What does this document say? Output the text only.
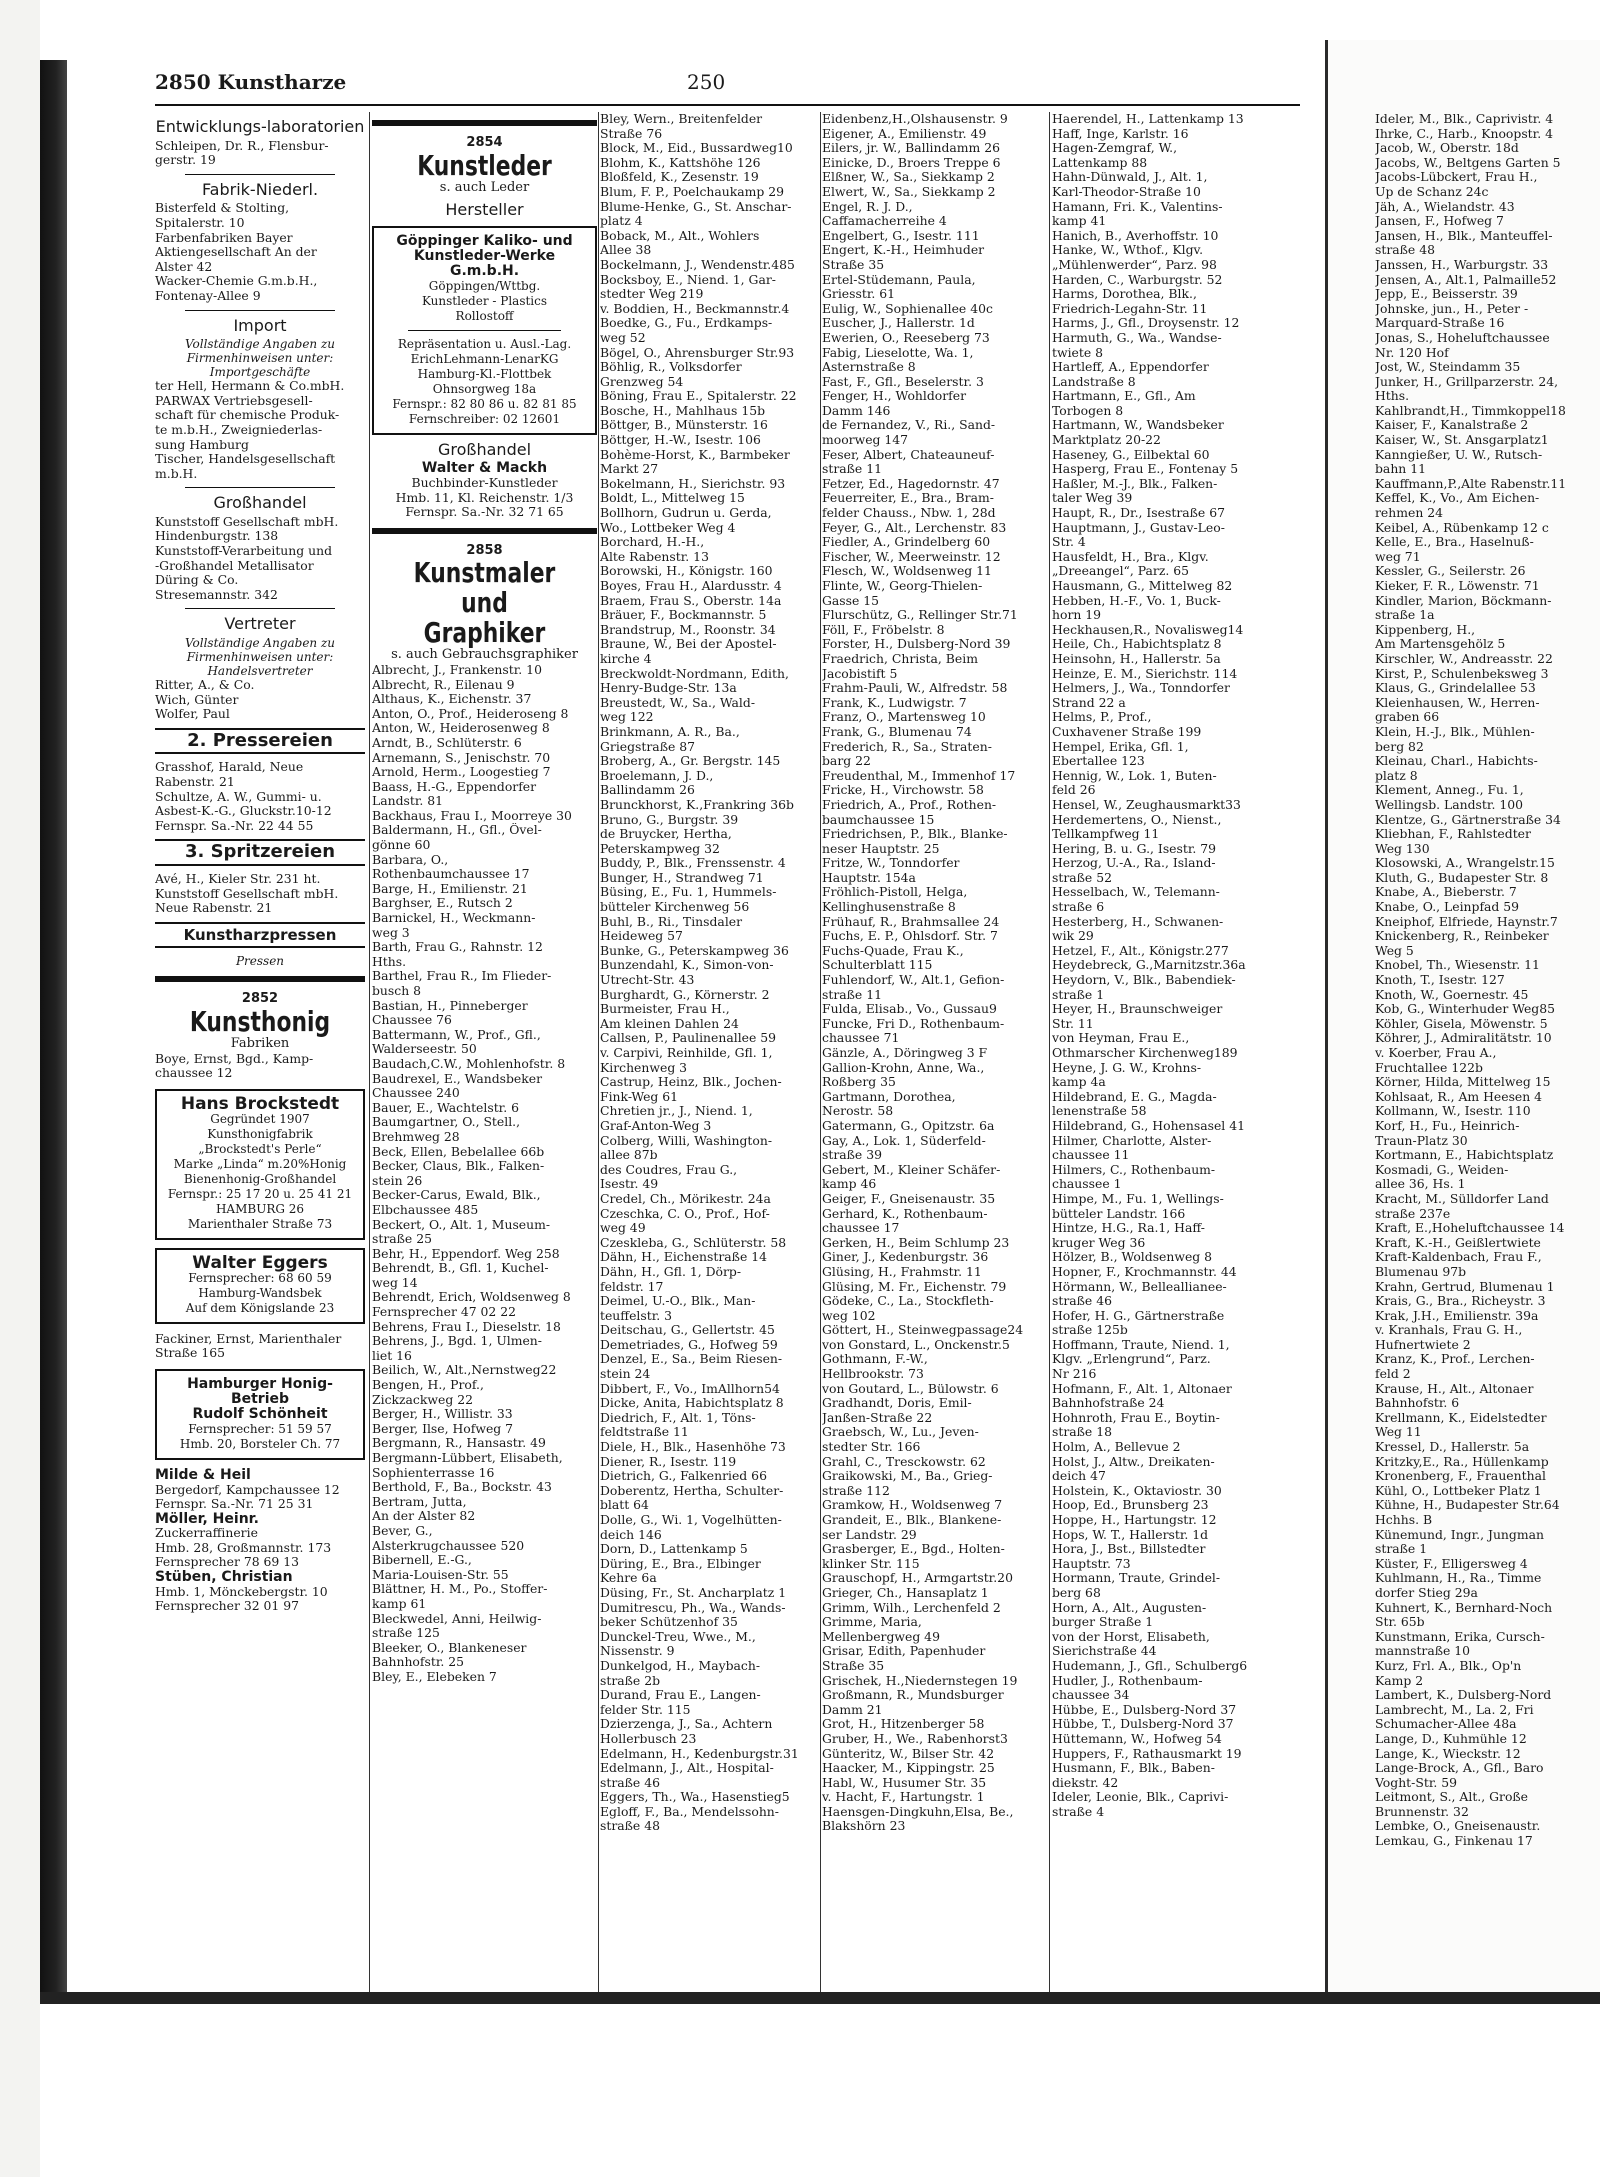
2850 Kunstharze	250
Entwicklungs-laboratorien
Schleipen, Dr. R., Flensbur-
gerstr. 19
Fabrik-Niederl.
Bisterfeld & Stolting,
Spitalerstr. 10
Farbenfabriken Bayer
Aktiengesellschaft An der
Alster 42
Wacker-Chemie G.m.b.H.,
Fontenay-Allee 9
Import
Vollständige Angaben zu Firmenhinweisen unter: Importgeschäfte
ter Hell, Hermann & Co.mbH.
PARWAX Vertriebsgesell-
schaft für chemische Produk-
te m.b.H., Zweigniederlas-
sung Hamburg
Tischer, Handelsgesellschaft
m.b.H.
Großhandel
Kunststoff Gesellschaft mbH.
Hindenburgstr. 138
Kunststoff-Verarbeitung und
-Großhandel Metallisator
Düring & Co.
Stresemannstr. 342
Vertreter
Vollständige Angaben zu Firmenhinweisen unter: Handelsvertreter
Ritter, A., & Co.
Wich, Günter
Wolfer, Paul
2. Pressereien
Grasshof, Harald, Neue
Rabenstr. 21
Schultze, A. W., Gummi- u.
Asbest-K.-G., Gluckstr.10-12
Fernspr. Sa.-Nr. 22 44 55
3. Spritzereien
Avé, H., Kieler Str. 231 ht.
Kunststoff Gesellschaft mbH.
Neue Rabenstr. 21
Kunstharzpressen
Pressen
2852
Kunsthonig
Fabriken
Boye, Ernst, Bgd., Kamp-
chaussee 12
Hans Brockstedt
Gegründet 1907
Kunsthonigfabrik
„Brockstedt's Perle“
Marke „Linda“ m.20%Honig
Bienenhonig-Großhandel
Fernspr.: 25 17 20 u. 25 41 21
HAMBURG 26
Marienthaler Straße 73
Walter Eggers
Fernsprecher: 68 60 59
Hamburg-Wandsbek
Auf dem Königslande 23
Fackiner, Ernst, Marienthaler
Straße 165
Hamburger Honig-Betrieb
Rudolf Schönheit
Fernsprecher: 51 59 57
Hmb. 20, Borsteler Ch. 77
Milde & Heil
Bergedorf, Kampchaussee 12
Fernspr. Sa.-Nr. 71 25 31
Möller, Heinr.
Zuckerraffinerie
Hmb. 28, Großmannstr. 173
Fernsprecher 78 69 13
Stüben, Christian
Hmb. 1, Mönckebergstr. 10
Fernsprecher 32 01 97
2854
Kunstleder
s. auch Leder
Hersteller
Göppinger Kaliko- und Kunstleder-Werke G.m.b.H.
Göppingen/Wttbg.
Kunstleder - Plastics
Rollostoff
Repräsentation u. Ausl.-Lag.
ErichLehmann-LenarKG
Hamburg-Kl.-Flottbek
Ohnsorgweg 18a
Fernspr.: 82 80 86 u. 82 81 85
Fernschreiber: 02 12601
Großhandel
Walter & Mackh
Buchbinder-Kunstleder
Hmb. 11, Kl. Reichenstr. 1/3
Fernspr. Sa.-Nr. 32 71 65
2858
Kunstmaler und Graphiker
s. auch Gebrauchsgraphiker
Albrecht, J., Frankenstr. 10
Albrecht, R., Eilenau 9
Althaus, K., Eichenstr. 37
Anton, O., Prof., Heideroseng 8
Anton, W., Heiderosenweg 8
Arndt, B., Schlüterstr. 6
Arnemann, S., Jenischstr. 70
Arnold, Herm., Loogestieg 7
Baass, H.-G., Eppendorfer
Landstr. 81
Backhaus, Frau I., Moorreye 30
Baldermann, H., Gfl., Övel-
gönne 60
Barbara, O.,
Rothenbaumchaussee 17
Barge, H., Emilienstr. 21
Barghser, E., Rutsch 2
Barnickel, H., Weckmann-
weg 3
Barth, Frau G., Rahnstr. 12
Hths.
Barthel, Frau R., Im Flieder-
busch 8
Bastian, H., Pinneberger
Chaussee 76
Battermann, W., Prof., Gfl.,
Walderseestr. 50
Baudach,C.W., Mohlenhofstr. 8
Baudrexel, E., Wandsbeker
Chaussee 240
Bauer, E., Wachtelstr. 6
Baumgartner, O., Stell.,
Brehmweg 28
Beck, Ellen, Bebelallee 66b
Becker, Claus, Blk., Falken-
stein 26
Becker-Carus, Ewald, Blk.,
Elbchaussee 485
Beckert, O., Alt. 1, Museum-
straße 25
Behr, H., Eppendorf. Weg 258
Behrendt, B., Gfl. 1, Kuchel-
weg 14
Behrendt, Erich, Woldsenweg 8
Fernsprecher 47 02 22
Behrens, Frau I., Dieselstr. 18
Behrens, J., Bgd. 1, Ulmen-
liet 16
Beilich, W., Alt.,Nernstweg22
Bengen, H., Prof.,
Zickzackweg 22
Berger, H., Willistr. 33
Berger, Ilse, Hofweg 7
Bergmann, R., Hansastr. 49
Bergmann-Lübbert, Elisabeth,
Sophienterrasse 16
Berthold, F., Ba., Bockstr. 43
Bertram, Jutta,
An der Alster 82
Bever, G.,
Alsterkrugchaussee 520
Bibernell, E.-G.,
Maria-Louisen-Str. 55
Blättner, H. M., Po., Stoffer-
kamp 61
Bleckwedel, Anni, Heilwig-
straße 125
Bleeker, O., Blankeneser
Bahnhofstr. 25
Bley, E., Elebeken 7
Bley, Wern., Breitenfelder
Straße 76
Block, M., Eid., Bussardweg10
Blohm, K., Kattshöhe 126
Bloßfeld, K., Zesenstr. 19
Blum, F. P., Poelchaukamp 29
Blume-Henke, G., St. Anschar-
platz 4
Boback, M., Alt., Wohlers
Allee 38
Bockelmann, J., Wendenstr.485
Bocksboy, E., Niend. 1, Gar-
stedter Weg 219
v. Boddien, H., Beckmannstr.4
Boedke, G., Fu., Erdkamps-
weg 52
Bögel, O., Ahrensburger Str.93
Böhlig, R., Volksdorfer
Grenzweg 54
Böning, Frau E., Spitalerstr. 22
Bosche, H., Mahlhaus 15b
Böttger, B., Münsterstr. 16
Böttger, H.-W., Isestr. 106
Bohème-Horst, K., Barmbeker
Markt 27
Bokelmann, H., Sierichstr. 93
Boldt, L., Mittelweg 15
Bollhorn, Gudrun u. Gerda,
Wo., Lottbeker Weg 4
Borchard, H.-H.,
Alte Rabenstr. 13
Borowski, H., Königstr. 160
Boyes, Frau H., Alardusstr. 4
Braem, Frau S., Oberstr. 14a
Bräuer, F., Bockmannstr. 5
Brandstrup, M., Roonstr. 34
Braune, W., Bei der Apostel-
kirche 4
Breckwoldt-Nordmann, Edith,
Henry-Budge-Str. 13a
Breustedt, W., Sa., Wald-
weg 122
Brinkmann, A. R., Ba.,
Griegstraße 87
Broberg, A., Gr. Bergstr. 145
Broelemann, J. D.,
Ballindamm 26
Brunckhorst, K.,Frankring 36b
Bruno, G., Burgstr. 39
de Bruycker, Hertha,
Peterskampweg 32
Buddy, P., Blk., Frenssenstr. 4
Bunger, H., Strandweg 71
Büsing, E., Fu. 1, Hummels-
bütteler Kirchenweg 56
Buhl, B., Ri., Tinsdaler
Heideweg 57
Bunke, G., Peterskampweg 36
Bunzendahl, K., Simon-von-
Utrecht-Str. 43
Burghardt, G., Körnerstr. 2
Burmeister, Frau H.,
Am kleinen Dahlen 24
Callsen, P., Paulinenallee 59
v. Carpivi, Reinhilde, Gfl. 1,
Kirchenweg 3
Castrup, Heinz, Blk., Jochen-
Fink-Weg 61
Chretien jr., J., Niend. 1,
Graf-Anton-Weg 3
Colberg, Willi, Washington-
allee 87b
des Coudres, Frau G.,
Isestr. 49
Credel, Ch., Mörikestr. 24a
Czeschka, C. O., Prof., Hof-
weg 49
Czeskleba, G., Schlüterstr. 58
Dähn, H., Eichenstraße 14
Dähn, H., Gfl. 1, Dörp-
feldstr. 17
Deimel, U.-O., Blk., Man-
teuffelstr. 3
Deitschau, G., Gellertstr. 45
Demetriades, G., Hofweg 59
Denzel, E., Sa., Beim Riesen-
stein 24
Dibbert, F., Vo., ImAllhorn54
Dicke, Anita, Habichtsplatz 8
Diedrich, F., Alt. 1, Töns-
feldtstraße 11
Diele, H., Blk., Hasenhöhe 73
Diener, R., Isestr. 119
Dietrich, G., Falkenried 66
Doberentz, Hertha, Schulter-
blatt 64
Dolle, G., Wi. 1, Vogelhütten-
deich 146
Dorn, D., Lattenkamp 5
Düring, E., Bra., Elbinger
Kehre 6a
Düsing, Fr., St. Ancharplatz 1
Dumitrescu, Ph., Wa., Wands-
beker Schützenhof 35
Dunckel-Treu, Wwe., M.,
Nissenstr. 9
Dunkelgod, H., Maybach-
straße 2b
Durand, Frau E., Langen-
felder Str. 115
Dzierzenga, J., Sa., Achtern
Hollerbusch 23
Edelmann, H., Kedenburgstr.31
Edelmann, J., Alt., Hospital-
straße 46
Eggers, Th., Wa., Hasenstieg5
Egloff, F., Ba., Mendelssohn-
straße 48
Eidenbenz,H.,Olshausenstr. 9
Eigener, A., Emilienstr. 49
Eilers, jr. W., Ballindamm 26
Einicke, D., Broers Treppe 6
Elßner, W., Sa., Siekkamp 2
Elwert, W., Sa., Siekkamp 2
Engel, R. J. D.,
Caffamacherreihe 4
Engelbert, G., Isestr. 111
Engert, K.-H., Heimhuder
Straße 35
Ertel-Stüdemann, Paula,
Griesstr. 61
Eulig, W., Sophienallee 40c
Euscher, J., Hallerstr. 1d
Ewerien, O., Reeseberg 73
Fabig, Lieselotte, Wa. 1,
Asternstraße 8
Fast, F., Gfl., Beselerstr. 3
Fenger, H., Wohldorfer
Damm 146
de Fernandez, V., Ri., Sand-
moorweg 147
Feser, Albert, Chateauneuf-
straße 11
Fetzer, Ed., Hagedornstr. 47
Feuerreiter, E., Bra., Bram-
felder Chauss., Nbw. 1, 28d
Feyer, G., Alt., Lerchenstr. 83
Fiedler, A., Grindelberg 60
Fischer, W., Meerweinstr. 12
Flesch, W., Woldsenweg 11
Flinte, W., Georg-Thielen-
Gasse 15
Flurschütz, G., Rellinger Str.71
Föll, F., Fröbelstr. 8
Forster, H., Dulsberg-Nord 39
Fraedrich, Christa, Beim
Jacobistift 5
Frahm-Pauli, W., Alfredstr. 58
Frank, K., Ludwigstr. 7
Franz, O., Martensweg 10
Frank, G., Blumenau 74
Frederich, R., Sa., Straten-
barg 22
Freudenthal, M., Immenhof 17
Fricke, H., Virchowstr. 58
Friedrich, A., Prof., Rothen-
baumchaussee 15
Friedrichsen, P., Blk., Blanke-
neser Hauptstr. 25
Fritze, W., Tonndorfer
Hauptstr. 154a
Fröhlich-Pistoll, Helga,
Kellinghusenstraße 8
Frühauf, R., Brahmsallee 24
Fuchs, E. P., Ohlsdorf. Str. 7
Fuchs-Quade, Frau K.,
Schulterblatt 115
Fuhlendorf, W., Alt.1, Gefion-
straße 11
Fulda, Elisab., Vo., Gussau9
Funcke, Fri D., Rothenbaum-
chaussee 71
Gänzle, A., Döringweg 3 F
Gallion-Krohn, Anne, Wa.,
Roßberg 35
Gartmann, Dorothea,
Nerostr. 58
Gatermann, G., Opitzstr. 6a
Gay, A., Lok. 1, Süderfeld-
straße 39
Gebert, M., Kleiner Schäfer-
kamp 46
Geiger, F., Gneisenaustr. 35
Gerhard, K., Rothenbaum-
chaussee 17
Gerken, H., Beim Schlump 23
Giner, J., Kedenburgstr. 36
Glüsing, H., Frahmstr. 11
Glüsing, M. Fr., Eichenstr. 79
Gödeke, C., La., Stockfleth-
weg 102
Göttert, H., Steinwegpassage24
von Gonstard, L., Onckenstr.5
Gothmann, F.-W.,
Hellbrookstr. 73
von Goutard, L., Bülowstr. 6
Gradhandt, Doris, Emil-
Janßen-Straße 22
Graebsch, W., Lu., Jeven-
stedter Str. 166
Grahl, C., Tresckowstr. 62
Graikowski, M., Ba., Grieg-
straße 112
Gramkow, H., Woldsenweg 7
Grandeit, E., Blk., Blankene-
ser Landstr. 29
Grasberger, E., Bgd., Holten-
klinker Str. 115
Grauschopf, H., Armgartstr.20
Grieger, Ch., Hansaplatz 1
Grimm, Wilh., Lerchenfeld 2
Grimme, Maria,
Mellenbergweg 49
Grisar, Edith, Papenhuder
Straße 35
Grischek, H.,Niedernstegen 19
Großmann, R., Mundsburger
Damm 21
Grot, H., Hitzenberger 58
Gruber, H., We., Rabenhorst3
Günteritz, W., Bilser Str. 42
Haacker, M., Kippingstr. 25
Habl, W., Husumer Str. 35
v. Hacht, F., Hartungstr. 1
Haensgen-Dingkuhn,Elsa, Be.,
Blakshörn 23
Haerendel, H., Lattenkamp 13
Haff, Inge, Karlstr. 16
Hagen-Zemgraf, W.,
Lattenkamp 88
Hahn-Dünwald, J., Alt. 1,
Karl-Theodor-Straße 10
Hamann, Fri. K., Valentins-
kamp 41
Hanich, B., Averhoffstr. 10
Hanke, W., Wthof., Klgv.
„Mühlenwerder“, Parz. 98
Harden, C., Warburgstr. 52
Harms, Dorothea, Blk.,
Friedrich-Legahn-Str. 11
Harms, J., Gfl., Droysenstr. 12
Harmuth, G., Wa., Wandse-
twiete 8
Hartleff, A., Eppendorfer
Landstraße 8
Hartmann, E., Gfl., Am
Torbogen 8
Hartmann, W., Wandsbeker
Marktplatz 20-22
Haseney, G., Eilbektal 60
Hasperg, Frau E., Fontenay 5
Haßler, M.-J., Blk., Falken-
taler Weg 39
Haupt, R., Dr., Isestraße 67
Hauptmann, J., Gustav-Leo-
Str. 4
Hausfeldt, H., Bra., Klgv.
„Dreeangel“, Parz. 65
Hausmann, G., Mittelweg 82
Hebben, H.-F., Vo. 1, Buck-
horn 19
Heckhausen,R., Novalisweg14
Heile, Ch., Habichtsplatz 8
Heinsohn, H., Hallerstr. 5a
Heinze, E. M., Sierichstr. 114
Helmers, J., Wa., Tonndorfer
Strand 22 a
Helms, P., Prof.,
Cuxhavener Straße 199
Hempel, Erika, Gfl. 1,
Ebertallee 123
Hennig, W., Lok. 1, Buten-
feld 26
Hensel, W., Zeughausmarkt33
Herdemertens, O., Nienst.,
Tellkampfweg 11
Hering, B. u. G., Isestr. 79
Herzog, U.-A., Ra., Island-
straße 52
Hesselbach, W., Telemann-
straße 6
Hesterberg, H., Schwanen-
wik 29
Hetzel, F., Alt., Königstr.277
Heydebreck, G.,Marnitzstr.36a
Heydorn, V., Blk., Babendiek-
straße 1
Heyer, H., Braunschweiger
Str. 11
von Heyman, Frau E.,
Othmarscher Kirchenweg189
Heyne, J. G. W., Krohns-
kamp 4a
Hildebrand, E. G., Magda-
lenenstraße 58
Hildebrand, G., Hohensasel 41
Hilmer, Charlotte, Alster-
chaussee 11
Hilmers, C., Rothenbaum-
chaussee 1
Himpe, M., Fu. 1, Wellings-
bütteler Landstr. 166
Hintze, H.G., Ra.1, Haff-
kruger Weg 36
Hölzer, B., Woldsenweg 8
Hopner, F., Krochmannstr. 44
Hörmann, W., Belleallianee-
straße 46
Hofer, H. G., Gärtnerstraße
straße 125b
Hoffmann, Traute, Niend. 1,
Klgv. „Erlengrund“, Parz.
Nr 216
Hofmann, F., Alt. 1, Altonaer
Bahnhofstraße 24
Hohnroth, Frau E., Boytin-
straße 18
Holm, A., Bellevue 2
Holst, J., Altw., Dreikaten-
deich 47
Holstein, K., Oktaviostr. 30
Hoop, Ed., Brunsberg 23
Hoppe, H., Hartungstr. 12
Hops, W. T., Hallerstr. 1d
Hora, J., Bst., Billstedter
Hauptstr. 73
Hormann, Traute, Grindel-
berg 68
Horn, A., Alt., Augusten-
burger Straße 1
von der Horst, Elisabeth,
Sierichstraße 44
Hudemann, J., Gfl., Schulberg6
Hudler, J., Rothenbaum-
chaussee 34
Hübbe, E., Dulsberg-Nord 37
Hübbe, T., Dulsberg-Nord 37
Hüttemann, W., Hofweg 54
Huppers, F., Rathausmarkt 19
Husmann, F., Blk., Baben-
diekstr. 42
Ideler, Leonie, Blk., Caprivi-
straße 4
Ideler, M., Blk., Caprivistr. 4
Ihrke, C., Harb., Knoopstr. 4
Jacob, W., Oberstr. 18d
Jacobs, W., Beltgens Garten 5
Jacobs-Lübckert, Frau H.,
Up de Schanz 24c
Jäh, A., Wielandstr. 43
Jansen, F., Hofweg 7
Jansen, H., Blk., Manteuffel-
straße 48
Janssen, H., Warburgstr. 33
Jensen, A., Alt.1, Palmaille52
Jepp, E., Beisserstr. 39
Johnske, jun., H., Peter -
Marquard-Straße 16
Jonas, S., Hoheluftchaussee
Nr. 120 Hof
Jost, W., Steindamm 35
Junker, H., Grillparzerstr. 24,
Hths.
Kahlbrandt,H., Timmkoppel18
Kaiser, F., Kanalstraße 2
Kaiser, W., St. Ansgarplatz1
Kanngießer, U. W., Rutsch-
bahn 11
Kauffmann,P.,Alte Rabenstr.11
Keffel, K., Vo., Am Eichen-
rehmen 24
Keibel, A., Rübenkamp 12 c
Kelle, E., Bra., Haselnuß-
weg 71
Kessler, G., Seilerstr. 26
Kieker, F. R., Löwenstr. 71
Kindler, Marion, Böckmann-
straße 1a
Kippenberg, H.,
Am Martensgehölz 5
Kirschler, W., Andreasstr. 22
Kirst, P., Schulenbeksweg 3
Klaus, G., Grindelallee 53
Kleienhausen, W., Herren-
graben 66
Klein, H.-J., Blk., Mühlen-
berg 82
Kleinau, Charl., Habichts-
platz 8
Klement, Anneg., Fu. 1,
Wellingsb. Landstr. 100
Klentze, G., Gärtnerstraße 34
Kliebhan, F., Rahlstedter
Weg 130
Klosowski, A., Wrangelstr.15
Kluth, G., Budapester Str. 8
Knabe, A., Bieberstr. 7
Knabe, O., Leinpfad 59
Kneiphof, Elfriede, Haynstr.7
Knickenberg, R., Reinbeker
Weg 5
Knobel, Th., Wiesenstr. 11
Knoth, T., Isestr. 127
Knoth, W., Goernestr. 45
Kob, G., Winterhuder Weg85
Köhler, Gisela, Möwenstr. 5
Köhrer, J., Admiralitätstr. 10
v. Koerber, Frau A.,
Fruchtallee 122b
Körner, Hilda, Mittelweg 15
Kohlsaat, R., Am Heesen 4
Kollmann, W., Isestr. 110
Korf, H., Fu., Heinrich-
Traun-Platz 30
Kortmann, E., Habichtsplatz
Kosmadi, G., Weiden-
allee 36, Hs. 1
Kracht, M., Sülldorfer Land
straße 237e
Kraft, E.,Hoheluftchaussee 14
Kraft, K.-H., Geißlertwiete
Kraft-Kaldenbach, Frau F.,
Blumenau 97b
Krahn, Gertrud, Blumenau 1
Krais, G., Bra., Richeystr. 3
Krak, J.H., Emilienstr. 39a
v. Kranhals, Frau G. H.,
Hufnertwiete 2
Kranz, K., Prof., Lerchen-
feld 2
Krause, H., Alt., Altonaer
Bahnhofstr. 6
Krellmann, K., Eidelstedter
Weg 11
Kressel, D., Hallerstr. 5a
Kritzky,E., Ra., Hüllenkamp
Kronenberg, F., Frauenthal
Kühl, O., Lottbeker Platz 1
Kühne, H., Budapester Str.64
Hchhs. B
Künemund, Ingr., Jungman
straße 1
Küster, F., Elligersweg 4
Kuhlmann, H., Ra., Timme
dorfer Stieg 29a
Kuhnert, K., Bernhard-Noch
Str. 65b
Kunstmann, Erika, Cursch-
mannstraße 10
Kurz, Frl. A., Blk., Op'n
Kamp 2
Lambert, K., Dulsberg-Nord
Lambrecht, M., La. 2, Fri
Schumacher-Allee 48a
Lange, D., Kuhmühle 12
Lange, K., Wieckstr. 12
Lange-Brock, A., Gfl., Baro
Voght-Str. 59
Leitmont, S., Alt., Große
Brunnenstr. 32
Lembke, O., Gneisenaustr.
Lemkau, G., Finkenau 17
